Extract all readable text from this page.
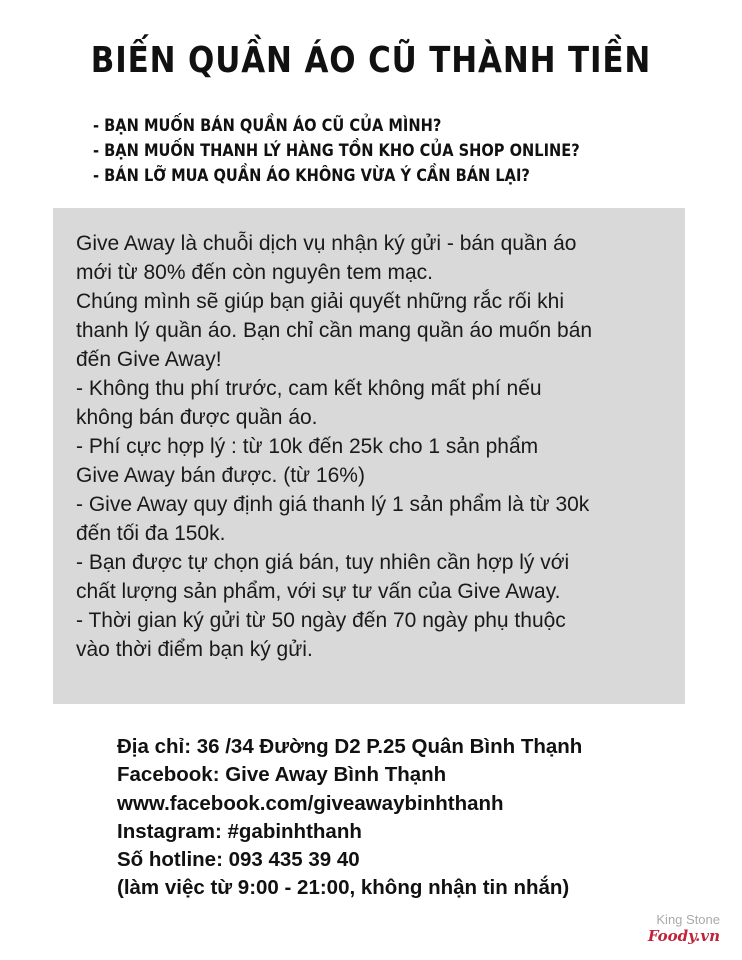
BIẾN QUẦN ÁO CŨ THÀNH TIỀN
- BẠN MUỐN BÁN QUẦN ÁO CŨ CỦA MÌNH?
- BẠN MUỐN THANH LÝ HÀNG TỒN KHO CỦA SHOP ONLINE?
- BÁN LỠ MUA QUẦN ÁO KHÔNG VỪA Ý CẦN BÁN LẠI?
Give Away là chuỗi dịch vụ nhận ký gửi - bán quần áo
mới từ 80% đến còn nguyên tem mạc.
Chúng mình sẽ giúp bạn giải quyết những rắc rối khi
thanh lý quần áo. Bạn chỉ cần mang quần áo muốn bán
đến Give Away!
- Không thu phí trước, cam kết không mất phí nếu
không bán được quần áo.
- Phí cực hợp lý : từ 10k đến 25k cho 1 sản phẩm
Give Away bán được. (từ 16%)
- Give Away quy định giá thanh lý 1 sản phẩm là từ 30k
đến tối đa 150k.
- Bạn được tự chọn giá bán, tuy nhiên cần hợp lý với
chất lượng sản phẩm, với sự tư vấn của Give Away.
- Thời gian ký gửi từ 50 ngày đến 70 ngày phụ thuộc
vào thời điểm bạn ký gửi.
Địa chỉ: 36 /34 Đường D2 P.25 Quân Bình Thạnh
Facebook: Give Away Bình Thạnh
www.facebook.com/giveawaybinhthanh
Instagram: #gabinhthanh
Số hotline: 093 435 39 40
(làm việc từ 9:00 - 21:00, không nhận tin nhắn)
King Stone
Foody.vn
